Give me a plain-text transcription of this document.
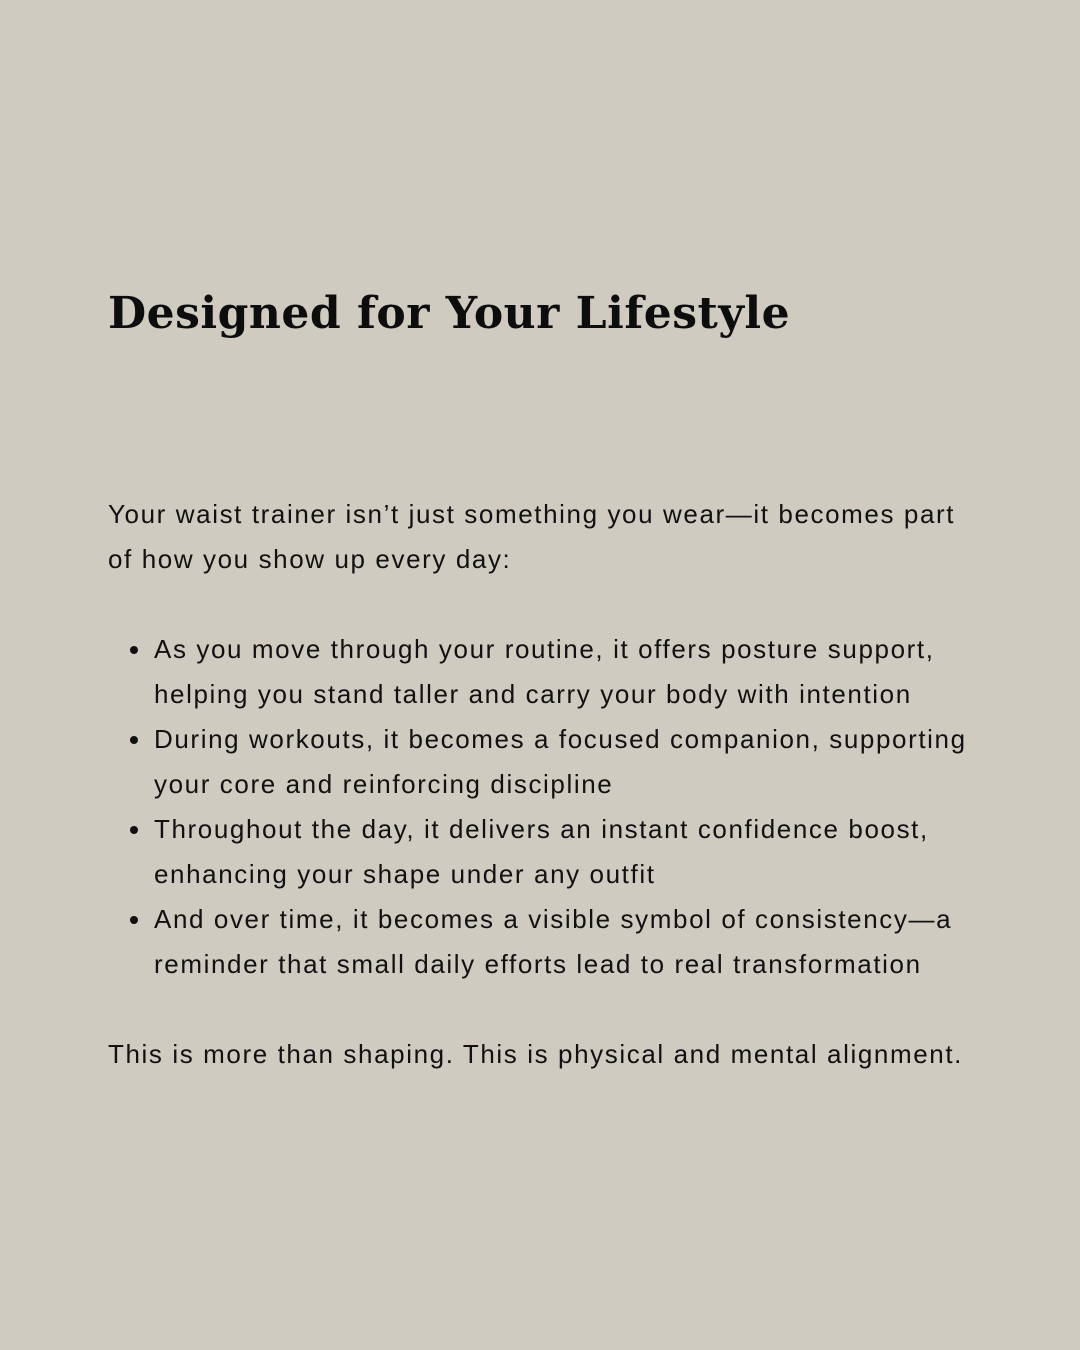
Designed for Your Lifestyle

Your waist trainer isn’t just something you wear—it becomes part of how you show up every day:

As you move through your routine, it offers posture support, helping you stand taller and carry your body with intention
During workouts, it becomes a focused companion, supporting your core and reinforcing discipline
Throughout the day, it delivers an instant confidence boost, enhancing your shape under any outfit
And over time, it becomes a visible symbol of consistency—a reminder that small daily efforts lead to real transformation

This is more than shaping. This is physical and mental alignment.
